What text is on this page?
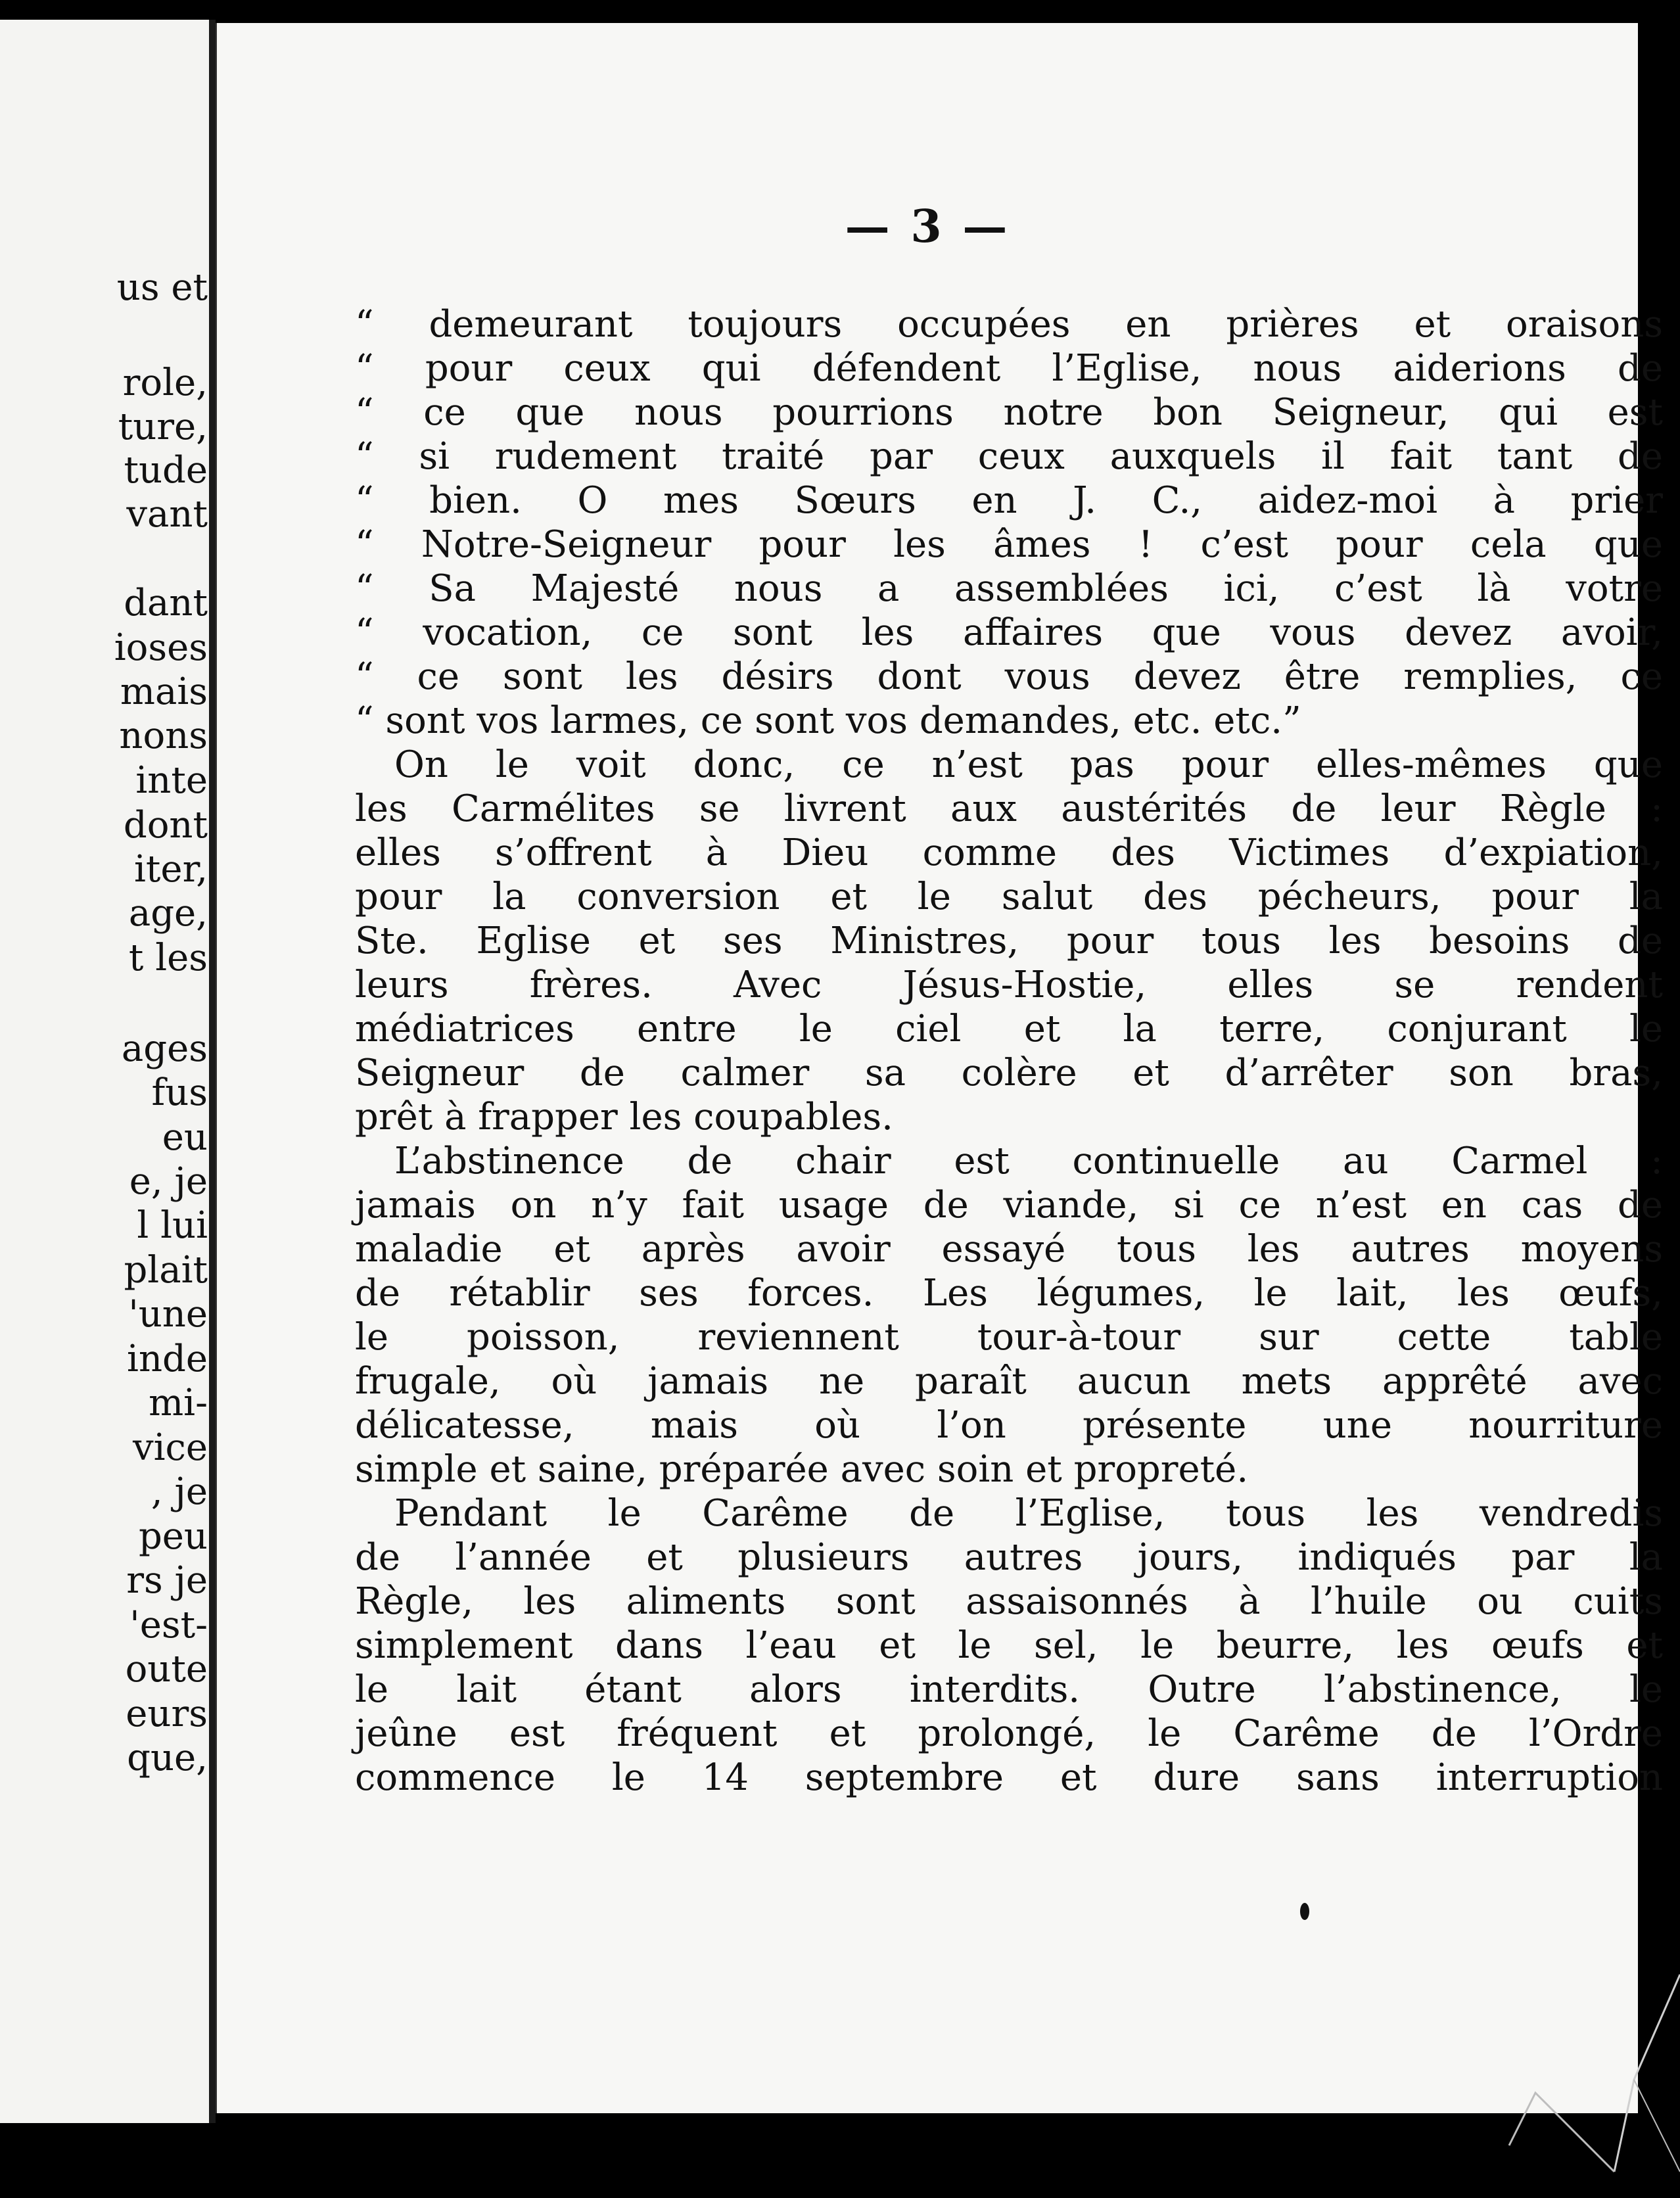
us et
role,
ture,
tude
vant
dant
ioses
mais
nons
inte
dont
iter,
age,
t les
ages
fus
eu
e, je
l lui
plait
'une
inde
mi-
vice
, je
peu
rs je
'est-
oute
eurs
que,
— 3 —
“ demeurant toujours occupées en prières et oraisons
“ pour ceux qui défendent l’Eglise, nous aiderions de
“ ce que nous pourrions notre bon Seigneur, qui est
“ si rudement traité par ceux auxquels il fait tant de
“ bien. O mes Sœurs en J. C., aidez-moi à prier
“ Notre-Seigneur pour les âmes ! c’est pour cela que
“ Sa Majesté nous a assemblées ici, c’est là votre
“ vocation, ce sont les affaires que vous devez avoir,
“ ce sont les désirs dont vous devez être remplies, ce
“ sont vos larmes, ce sont vos demandes, etc. etc.”
On le voit donc, ce n’est pas pour elles-mêmes que
les Carmélites se livrent aux austérités de leur Règle :
elles s’offrent à Dieu comme des Victimes d’expiation,
pour la conversion et le salut des pécheurs, pour la
Ste. Eglise et ses Ministres, pour tous les besoins de
leurs frères. Avec Jésus-Hostie, elles se rendent
médiatrices entre le ciel et la terre, conjurant le
Seigneur de calmer sa colère et d’arrêter son bras,
prêt à frapper les coupables.
L’abstinence de chair est continuelle au Carmel :
jamais on n’y fait usage de viande, si ce n’est en cas de
maladie et après avoir essayé tous les autres moyens
de rétablir ses forces. Les légumes, le lait, les œufs,
le poisson, reviennent tour-à-tour sur cette table
frugale, où jamais ne paraît aucun mets apprêté avec
délicatesse, mais où l’on présente une nourriture
simple et saine, préparée avec soin et propreté.
Pendant le Carême de l’Eglise, tous les vendredis
de l’année et plusieurs autres jours, indiqués par la
Règle, les aliments sont assaisonnés à l’huile ou cuits
simplement dans l’eau et le sel, le beurre, les œufs et
le lait étant alors interdits. Outre l’abstinence, le
jeûne est fréquent et prolongé, le Carême de l’Ordre
commence le 14 septembre et dure sans interruption
